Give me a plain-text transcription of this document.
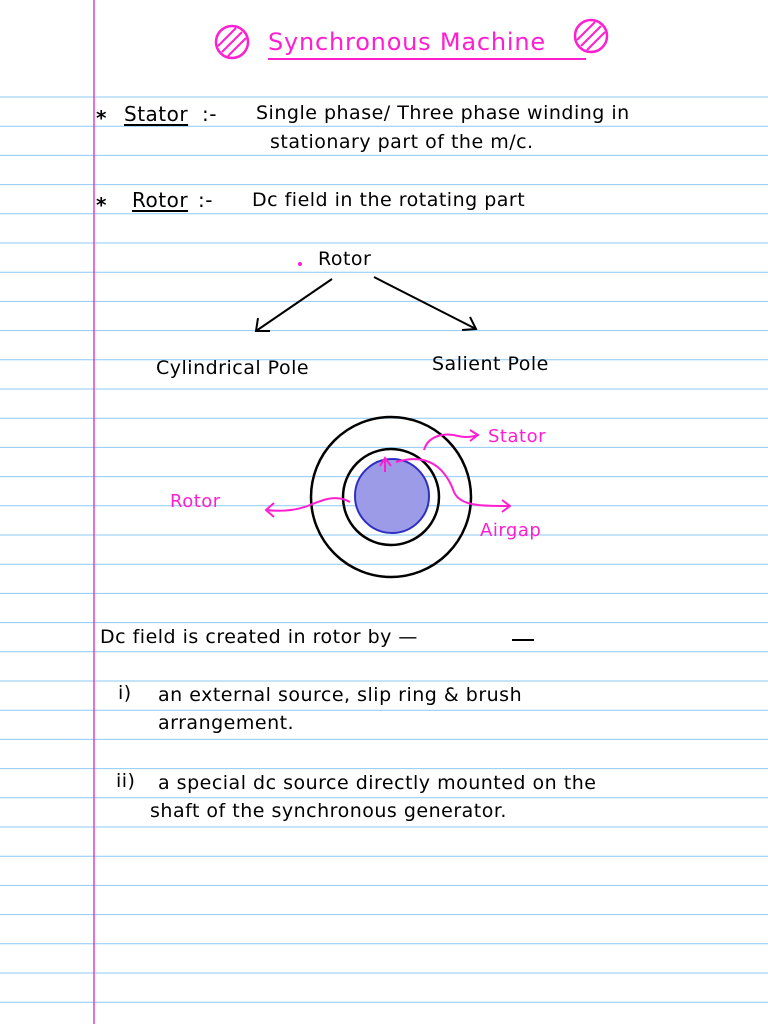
Synchronous Machine
* Stator :- Single phase/ Three phase winding in
stationary part of the m/c.
* Rotor :- Dc field in the rotating part
Rotor
Cylindrical Pole	Salient Pole
Stator
Rotor
Airgap
Dc field is created in rotor by —
i) an external source, slip ring & brush
arrangement.
ii) a special dc source directly mounted on the
shaft of the synchronous generator.
